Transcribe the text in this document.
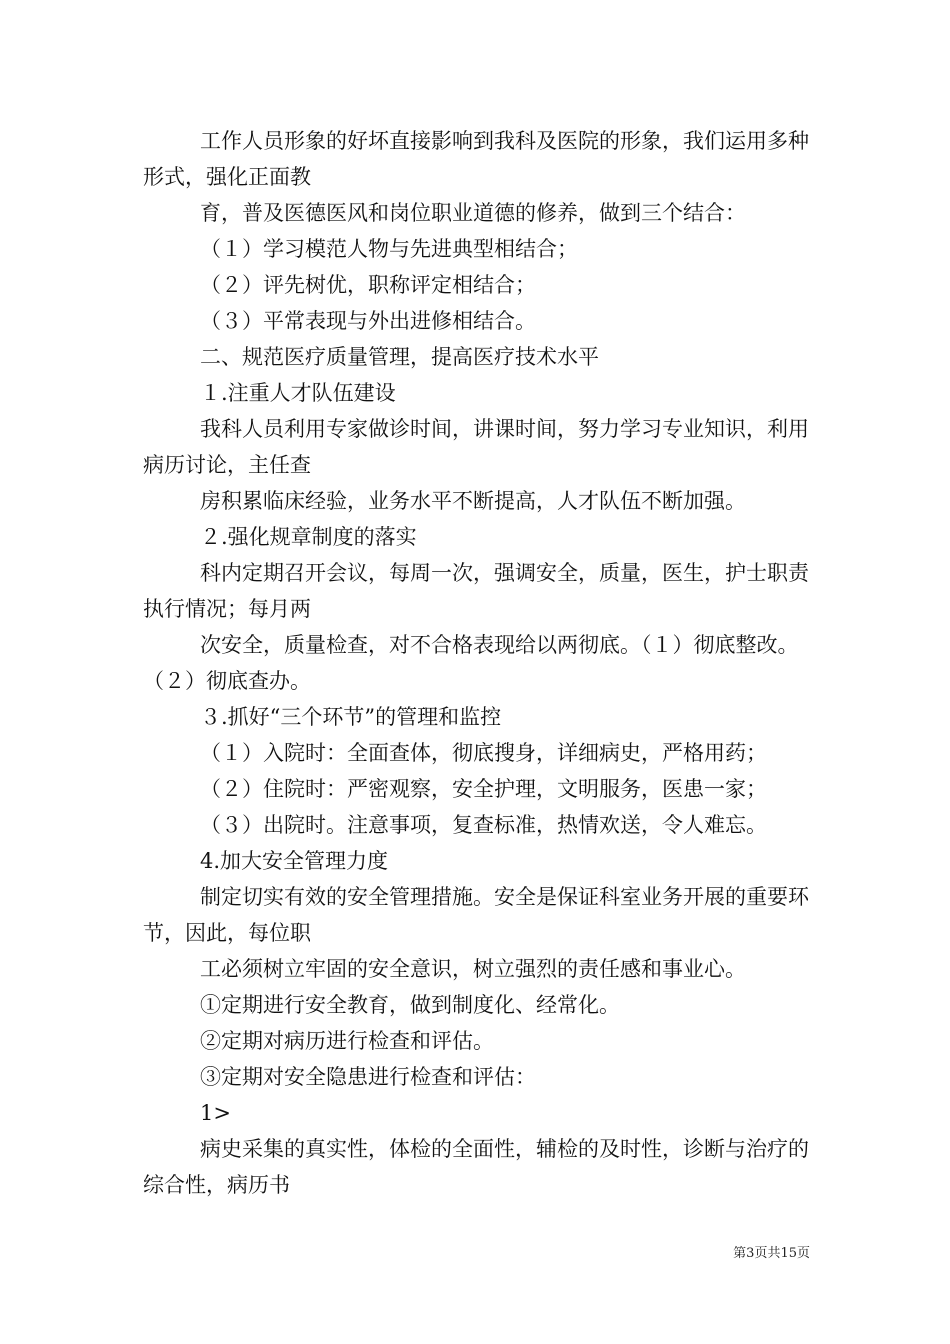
工作人员形象的好坏直接影响到我科及医院的形象，我们运用多种形式，强化正面教

育，普及医德医风和岗位职业道德的修养，做到三个结合：

（１）学习模范人物与先进典型相结合；

（２）评先树优，职称评定相结合；

（３）平常表现与外出进修相结合。

二、规范医疗质量管理，提高医疗技术水平

１.注重人才队伍建设

我科人员利用专家做诊时间，讲课时间，努力学习专业知识，利用病历讨论，主任查

房积累临床经验，业务水平不断提高，人才队伍不断加强。

２.强化规章制度的落实

科内定期召开会议，每周一次，强调安全，质量，医生，护士职责执行情况；每月两

次安全，质量检查，对不合格表现给以两彻底。（１）彻底整改。（２）彻底查办。

３.抓好“三个环节”的管理和监控

（１）入院时：全面查体，彻底搜身，详细病史，严格用药；

（２）住院时：严密观察，安全护理，文明服务，医患一家；

（３）出院时。注意事项，复查标准，热情欢送，令人难忘。

4.加大安全管理力度

制定切实有效的安全管理措施。安全是保证科室业务开展的重要环节，因此，每位职

工必须树立牢固的安全意识，树立强烈的责任感和事业心。

①定期进行安全教育，做到制度化、经常化。

②定期对病历进行检查和评估。

③定期对安全隐患进行检查和评估：

1>

病史采集的真实性，体检的全面性，辅检的及时性，诊断与治疗的综合性，病历书

第3页共15页
